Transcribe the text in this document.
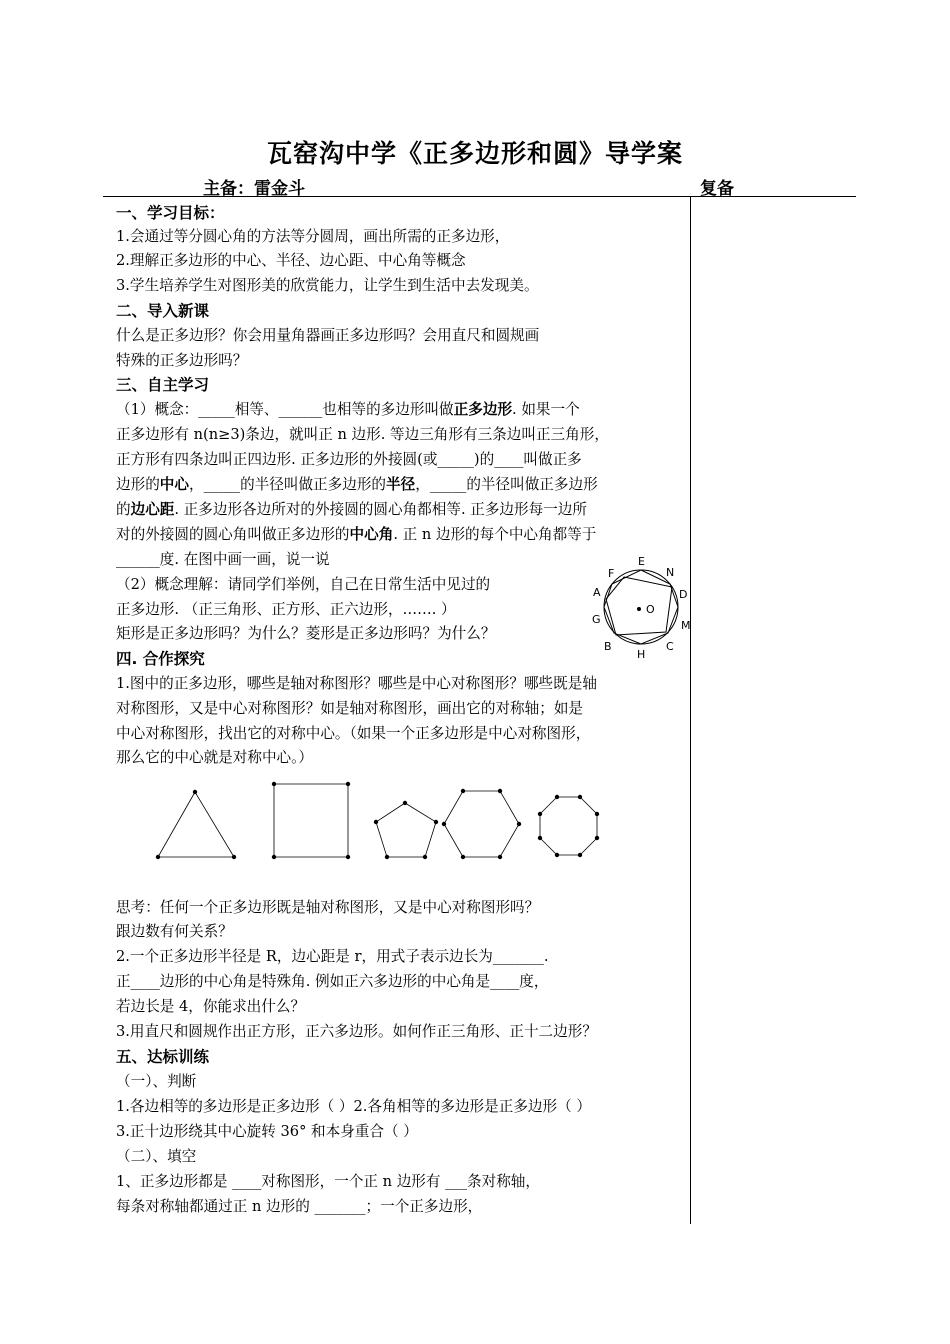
瓦窑沟中学《正多边形和圆》导学案
主备：雷金斗	复备
一、学习目标：
1.会通过等分圆心角的方法等分圆周，画出所需的正多边形，
2.理解正多边形的中心、半径、边心距、中心角等概念
3.学生培养学生对图形美的欣赏能力，让学生到生活中去发现美。
二、导入新课
什么是正多边形？你会用量角器画正多边形吗？会用直尺和圆规画
特殊的正多边形吗？
三、自主学习
（1）概念：_____相等、______也相等的多边形叫做正多边形. 如果一个
正多边形有 n(n≥3)条边，就叫正 n 边形. 等边三角形有三条边叫正三角形，
正方形有四条边叫正四边形. 正多边形的外接圆(或_____)的____叫做正多
边形的中心，_____的半径叫做正多边形的半径，_____的半径叫做正多边形
的边心距. 正多边形各边所对的外接圆的圆心角都相等. 正多边形每一边所
对的外接圆的圆心角叫做正多边形的中心角. 正 n 边形的每个中心角都等于
______度. 在图中画一画，说一说
（2）概念理解：请同学们举例，自己在日常生活中见过的
正多边形. （正三角形、正方形、正六边形，……. ）
矩形是正多边形吗？为什么？菱形是正多边形吗？为什么？
E
N
F
A	D
O
G	M
B
H
C
四. 合作探究
1.图中的正多边形，哪些是轴对称图形？哪些是中心对称图形？哪些既是轴
对称图形，又是中心对称图形？如是轴对称图形，画出它的对称轴；如是
中心对称图形，找出它的对称中心。（如果一个正多边形是中心对称图形，
那么它的中心就是对称中心。）
思考：任何一个正多边形既是轴对称图形，又是中心对称图形吗？
跟边数有何关系？
2.一个正多边形半径是 R，边心距是 r，用式子表示边长为_______.
正____边形的中心角是特殊角. 例如正六多边形的中心角是____度，
若边长是 4，你能求出什么？
3.用直尺和圆规作出正方形，正六多边形。如何作正三角形、正十二边形？
五、达标训练
（一）、判断
1.各边相等的多边形是正多边形（ ）2.各角相等的多边形是正多边形（ ）
3.正十边形绕其中心旋转 36° 和本身重合（ ）
（二）、填空
1、正多边形都是 ____对称图形，一个正 n 边形有 ___条对称轴，
每条对称轴都通过正 n 边形的 _______；一个正多边形，
